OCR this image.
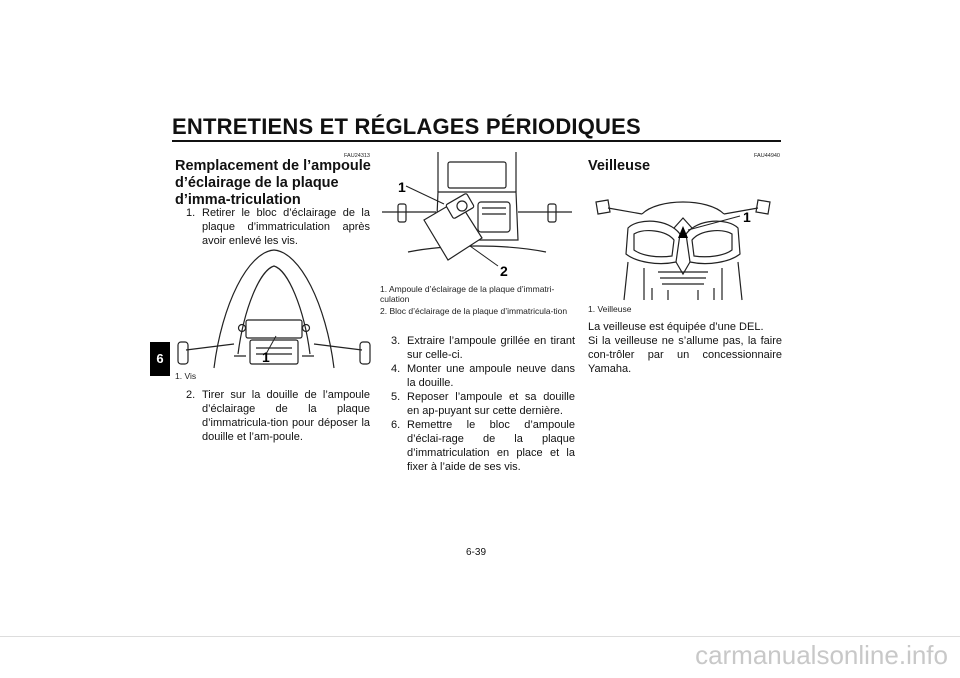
ENTRETIENS ET RÉGLAGES PÉRIODIQUES
6
FAU24313
Remplacement de l’ampoule d’éclairage de la plaque d’imma-triculation
1. Retirer le bloc d’éclairage de la plaque d’immatriculation après avoir enlevé les vis.
1
1. Vis
2. Tirer sur la douille de l’ampoule d’éclairage de la plaque d’immatricula-tion pour déposer la douille et l’am-poule.
1
2
1. Ampoule d’éclairage de la plaque d’immatri-culation
2. Bloc d’éclairage de la plaque d’immatricula-tion
3. Extraire l’ampoule grillée en tirant sur celle-ci.
4. Monter une ampoule neuve dans la douille.
5. Reposer l’ampoule et sa douille en ap-puyant sur cette dernière.
6. Remettre le bloc d’ampoule d’éclai-rage de la plaque d’immatriculation en place et la fixer à l’aide de ses vis.
FAU44940
Veilleuse
1
1. Veilleuse
La veilleuse est équipée d’une DEL.
Si la veilleuse ne s’allume pas, la faire con-trôler par un concessionnaire Yamaha.
6-39
carmanualsonline.info
